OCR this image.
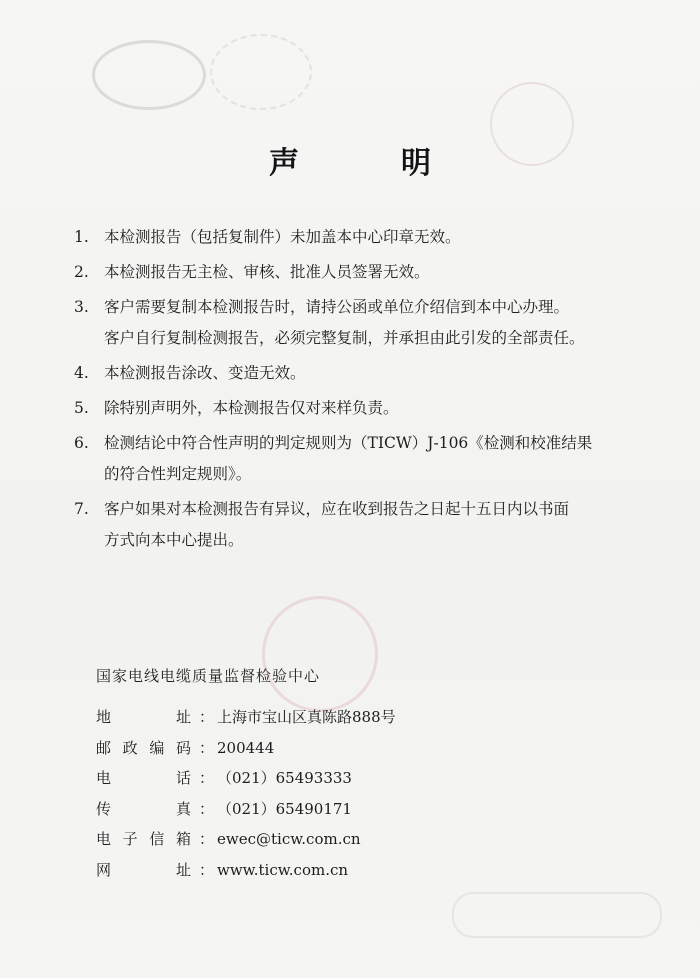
声　明
1. 本检测报告（包括复制件）未加盖本中心印章无效。
2. 本检测报告无主检、审核、批准人员签署无效。
3. 客户需要复制本检测报告时，请持公函或单位介绍信到本中心办理。
客户自行复制检测报告，必须完整复制，并承担由此引发的全部责任。
4. 本检测报告涂改、变造无效。
5. 除特别声明外，本检测报告仅对来样负责。
6. 检测结论中符合性声明的判定规则为（TICW）J-106《检测和校准结果
的符合性判定规则》。
7. 客户如果对本检测报告有异议，应在收到报告之日起十五日内以书面
方式向本中心提出。
国家电线电缆质量监督检验中心
地	址 ： 上海市宝山区真陈路888号
邮 政 编 码 ： 200444
电	话 ： （021）65493333
传	真 ： （021）65490171
电 子 信 箱 ： ewec@ticw.com.cn
网	址 ： www.ticw.com.cn
